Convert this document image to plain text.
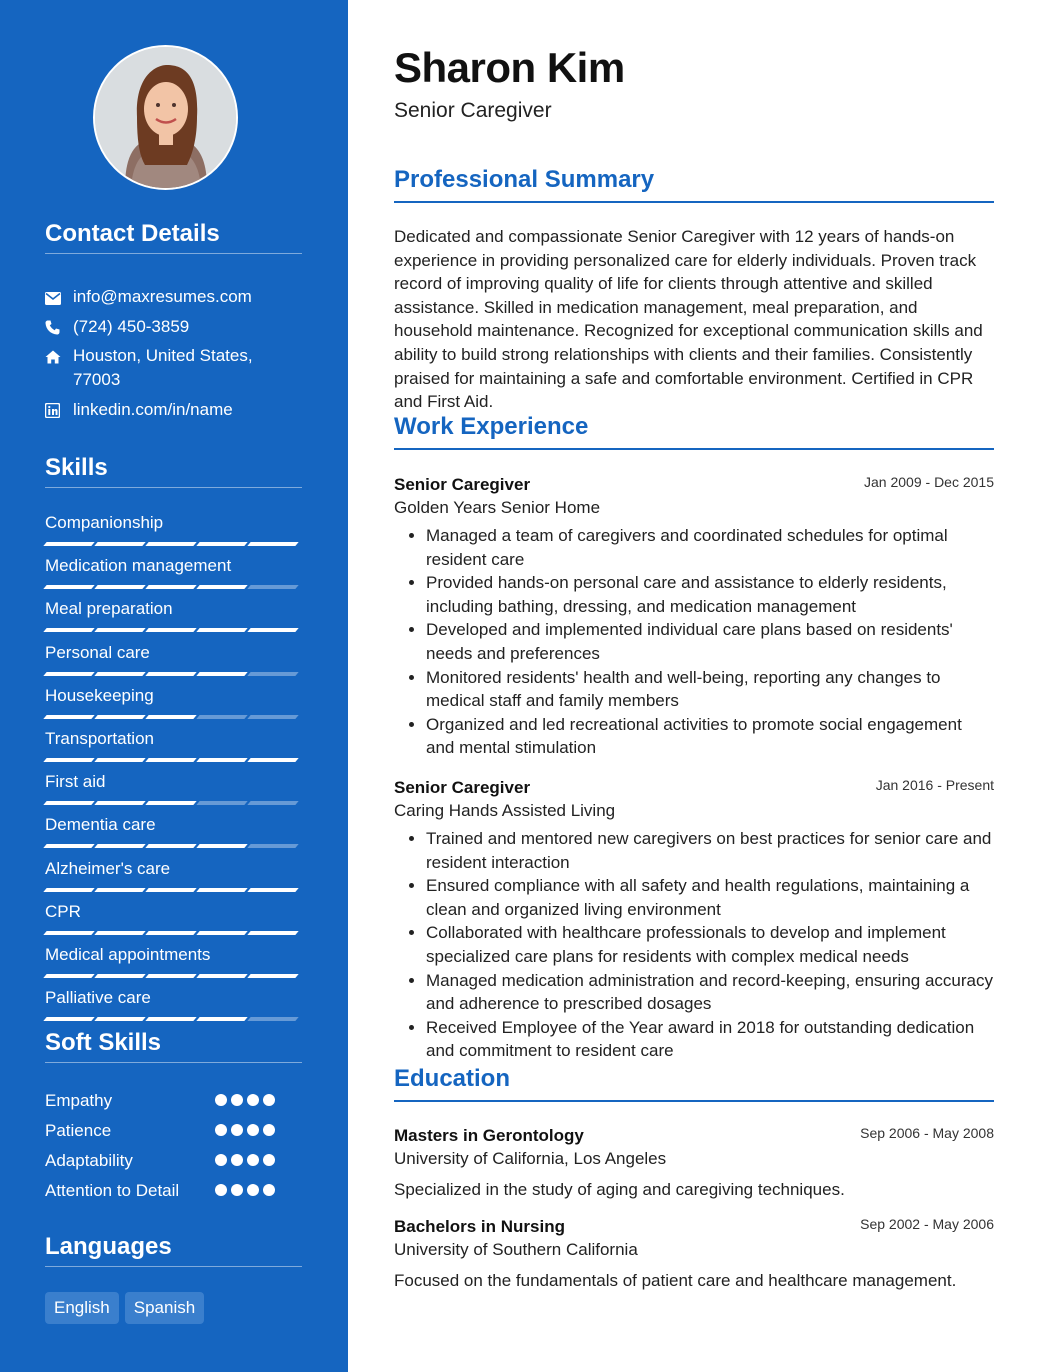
Contact Details
info@maxresumes.com
(724) 450-3859
Houston, United States, 77003
linkedin.com/in/name
Skills
Companionship
Medication management
Meal preparation
Personal care
Housekeeping
Transportation
First aid
Dementia care
Alzheimer's care
CPR
Medical appointments
Palliative care
Soft Skills
Empathy
Patience
Adaptability
Attention to Detail
Languages
English	Spanish
Sharon Kim
Senior Caregiver
Professional Summary

Dedicated and compassionate Senior Caregiver with 12 years of hands-on experience in providing personalized care for elderly individuals. Proven track record of improving quality of life for clients through attentive and skilled assistance. Skilled in medication management, meal preparation, and household maintenance. Recognized for exceptional communication skills and ability to build strong relationships with clients and their families. Consistently praised for maintaining a safe and comfortable environment. Certified in CPR and First Aid.

Work Experience
Senior Caregiver	Jan 2009 - Dec 2015
Golden Years Senior Home
• Managed a team of caregivers and coordinated schedules for optimal resident care
• Provided hands-on personal care and assistance to elderly residents, including bathing, dressing, and medication management
• Developed and implemented individual care plans based on residents' needs and preferences
• Monitored residents' health and well-being, reporting any changes to medical staff and family members
• Organized and led recreational activities to promote social engagement and mental stimulation
Senior Caregiver	Jan 2016 - Present
Caring Hands Assisted Living
• Trained and mentored new caregivers on best practices for senior care and resident interaction
• Ensured compliance with all safety and health regulations, maintaining a clean and organized living environment
• Collaborated with healthcare professionals to develop and implement specialized care plans for residents with complex medical needs
• Managed medication administration and record-keeping, ensuring accuracy and adherence to prescribed dosages
• Received Employee of the Year award in 2018 for outstanding dedication and commitment to resident care
Education
Masters in Gerontology	Sep 2006 - May 2008
University of California, Los Angeles
Specialized in the study of aging and caregiving techniques.
Bachelors in Nursing	Sep 2002 - May 2006
University of Southern California
Focused on the fundamentals of patient care and healthcare management.
